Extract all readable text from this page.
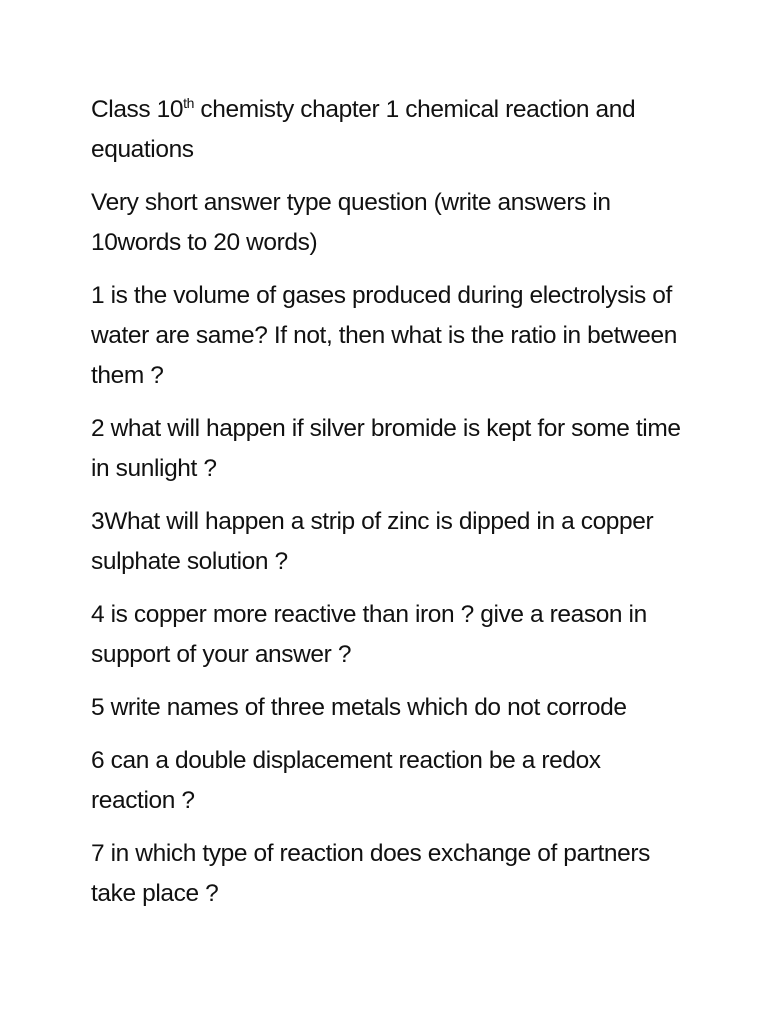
Class 10th chemisty chapter 1 chemical reaction and equations

Very short answer type question (write answers in 10words to 20 words)

1 is the volume of gases produced during electrolysis of water are same? If not, then what is the ratio in between them ?

2 what will happen if silver bromide is kept for some time in sunlight ?

3What will happen a strip of zinc is dipped in a copper sulphate solution ?

4 is copper more reactive than iron ? give a reason in support of your answer ?

5 write names of three metals which do not corrode

6 can a double displacement reaction be a redox reaction ?

7 in which type of reaction does exchange of partners take place ?
